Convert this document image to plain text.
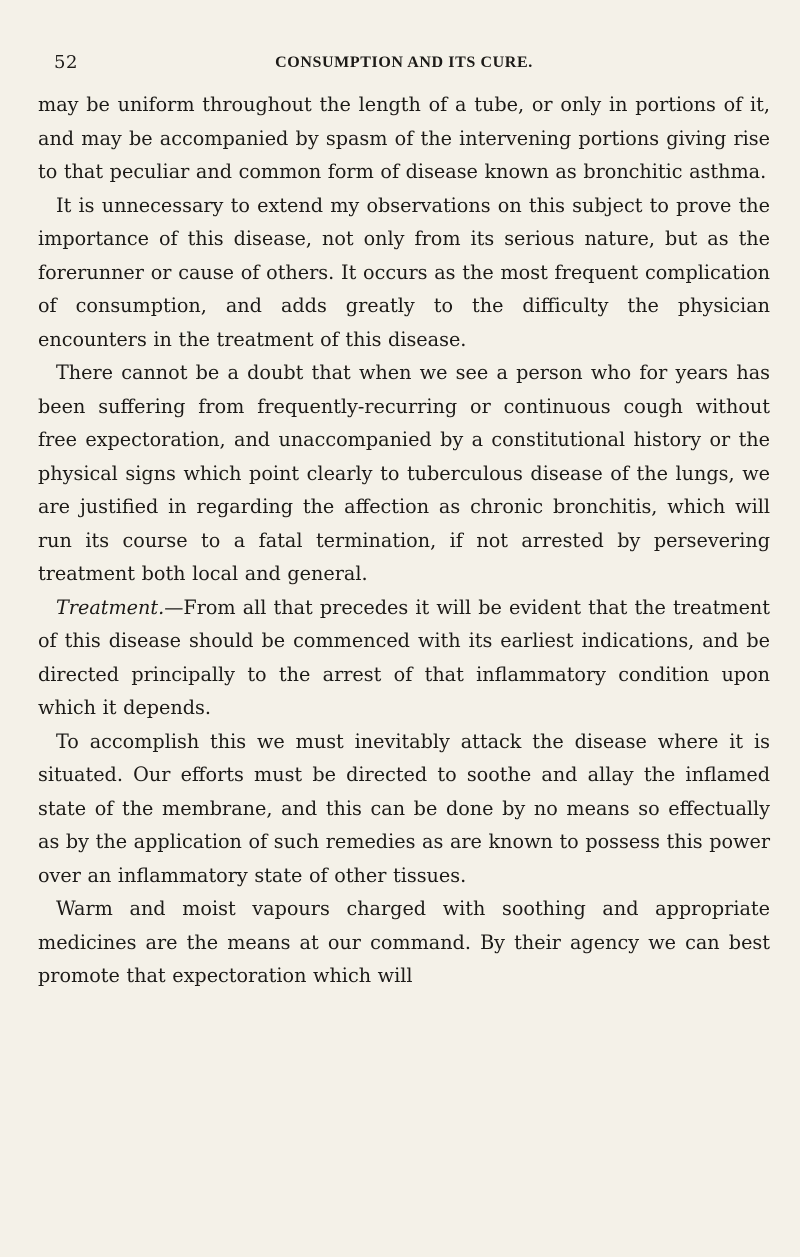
52	CONSUMPTION AND ITS CURE.

may be uniform throughout the length of a tube, or only in portions of it, and may be accompanied by spasm of the intervening portions giving rise to that peculiar and common form of disease known as bronchitic asthma.

It is unnecessary to extend my observations on this subject to prove the importance of this disease, not only from its serious nature, but as the forerunner or cause of others. It occurs as the most frequent complication of consumption, and adds greatly to the difficulty the physician encounters in the treatment of this disease.

There cannot be a doubt that when we see a person who for years has been suffering from frequently-recurring or continuous cough without free expectoration, and unaccompanied by a constitutional history or the physical signs which point clearly to tuberculous disease of the lungs, we are justified in regarding the affection as chronic bronchitis, which will run its course to a fatal termination, if not arrested by persevering treatment both local and general.

Treatment.—From all that precedes it will be evident that the treatment of this disease should be commenced with its earliest indications, and be directed principally to the arrest of that inflammatory condition upon which it depends.

To accomplish this we must inevitably attack the disease where it is situated. Our efforts must be directed to soothe and allay the inflamed state of the membrane, and this can be done by no means so effectually as by the application of such remedies as are known to possess this power over an inflammatory state of other tissues.

Warm and moist vapours charged with soothing and appropriate medicines are the means at our command. By their agency we can best promote that expectoration which will
